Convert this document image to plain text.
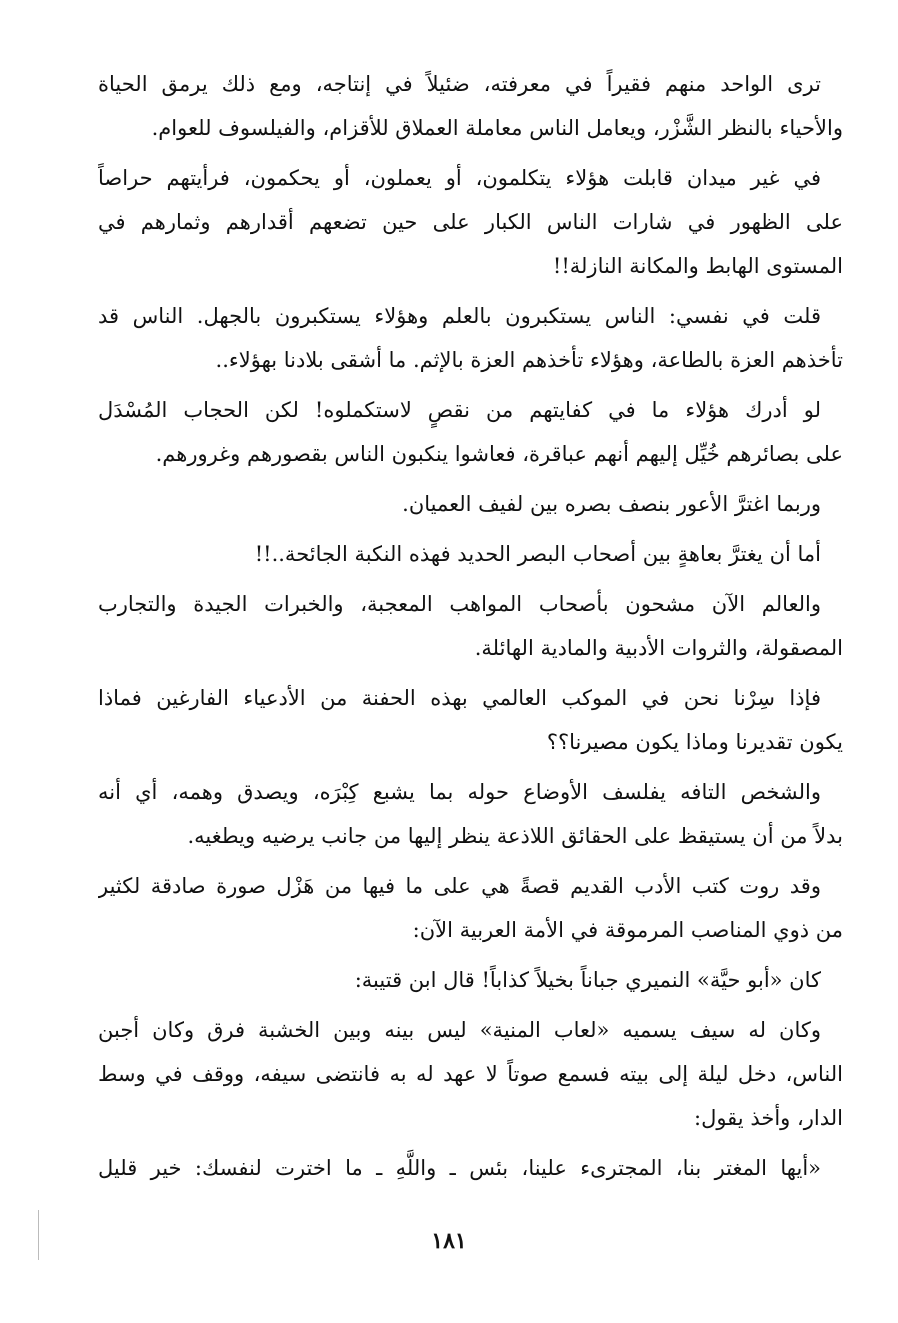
ترى الواحد منهم فقيراً في معرفته، ضئيلاً في إنتاجه، ومع ذلك يرمق الحياة
والأحياء بالنظر الشَّزْر، ويعامل الناس معاملة العملاق للأقزام، والفيلسوف للعوام.
في غير ميدان قابلت هؤلاء يتكلمون، أو يعملون، أو يحكمون، فرأيتهم حراصاً
على الظهور في شارات الناس الكبار على حين تضعهم أقدارهم وثمارهم في
المستوى الهابط والمكانة النازلة!!
قلت في نفسي: الناس يستكبرون بالعلم وهؤلاء يستكبرون بالجهل. الناس قد
تأخذهم العزة بالطاعة، وهؤلاء تأخذهم العزة بالإثم. ما أشقى بلادنا بهؤلاء..
لو أدرك هؤلاء ما في كفايتهم من نقصٍ لاستكملوه! لكن الحجاب المُسْدَل
على بصائرهم خُيِّل إليهم أنهم عباقرة، فعاشوا ينكبون الناس بقصورهم وغرورهم.
وربما اغترَّ الأعور بنصف بصره بين لفيف العميان.
أما أن يغترَّ بعاهةٍ بين أصحاب البصر الحديد فهذه النكبة الجائحة..!!
والعالم الآن مشحون بأصحاب المواهب المعجبة، والخبرات الجيدة والتجارب
المصقولة، والثروات الأدبية والمادية الهائلة.
فإذا سِرْنا نحن في الموكب العالمي بهذه الحفنة من الأدعياء الفارغين فماذا
يكون تقديرنا وماذا يكون مصيرنا؟؟
والشخص التافه يفلسف الأوضاع حوله بما يشبع كِبْرَه، ويصدق وهمه، أي أنه
بدلاً من أن يستيقظ على الحقائق اللاذعة ينظر إليها من جانب يرضيه ويطغيه.
وقد روت كتب الأدب القديم قصةً هي على ما فيها من هَزْل صورة صادقة لكثير
من ذوي المناصب المرموقة في الأمة العربية الآن:
كان «أبو حيَّة» النميري جباناً بخيلاً كذاباً! قال ابن قتيبة:
وكان له سيف يسميه «لعاب المنية» ليس بينه وبين الخشبة فرق وكان أجبن
الناس، دخل ليلة إلى بيته فسمع صوتاً لا عهد له به فانتضى سيفه، ووقف في وسط
الدار، وأخذ يقول:
«أيها المغتر بنا، المجترىء علينا، بئس ـ واللَّهِ ـ ما اخترت لنفسك: خير قليل
١٨١
